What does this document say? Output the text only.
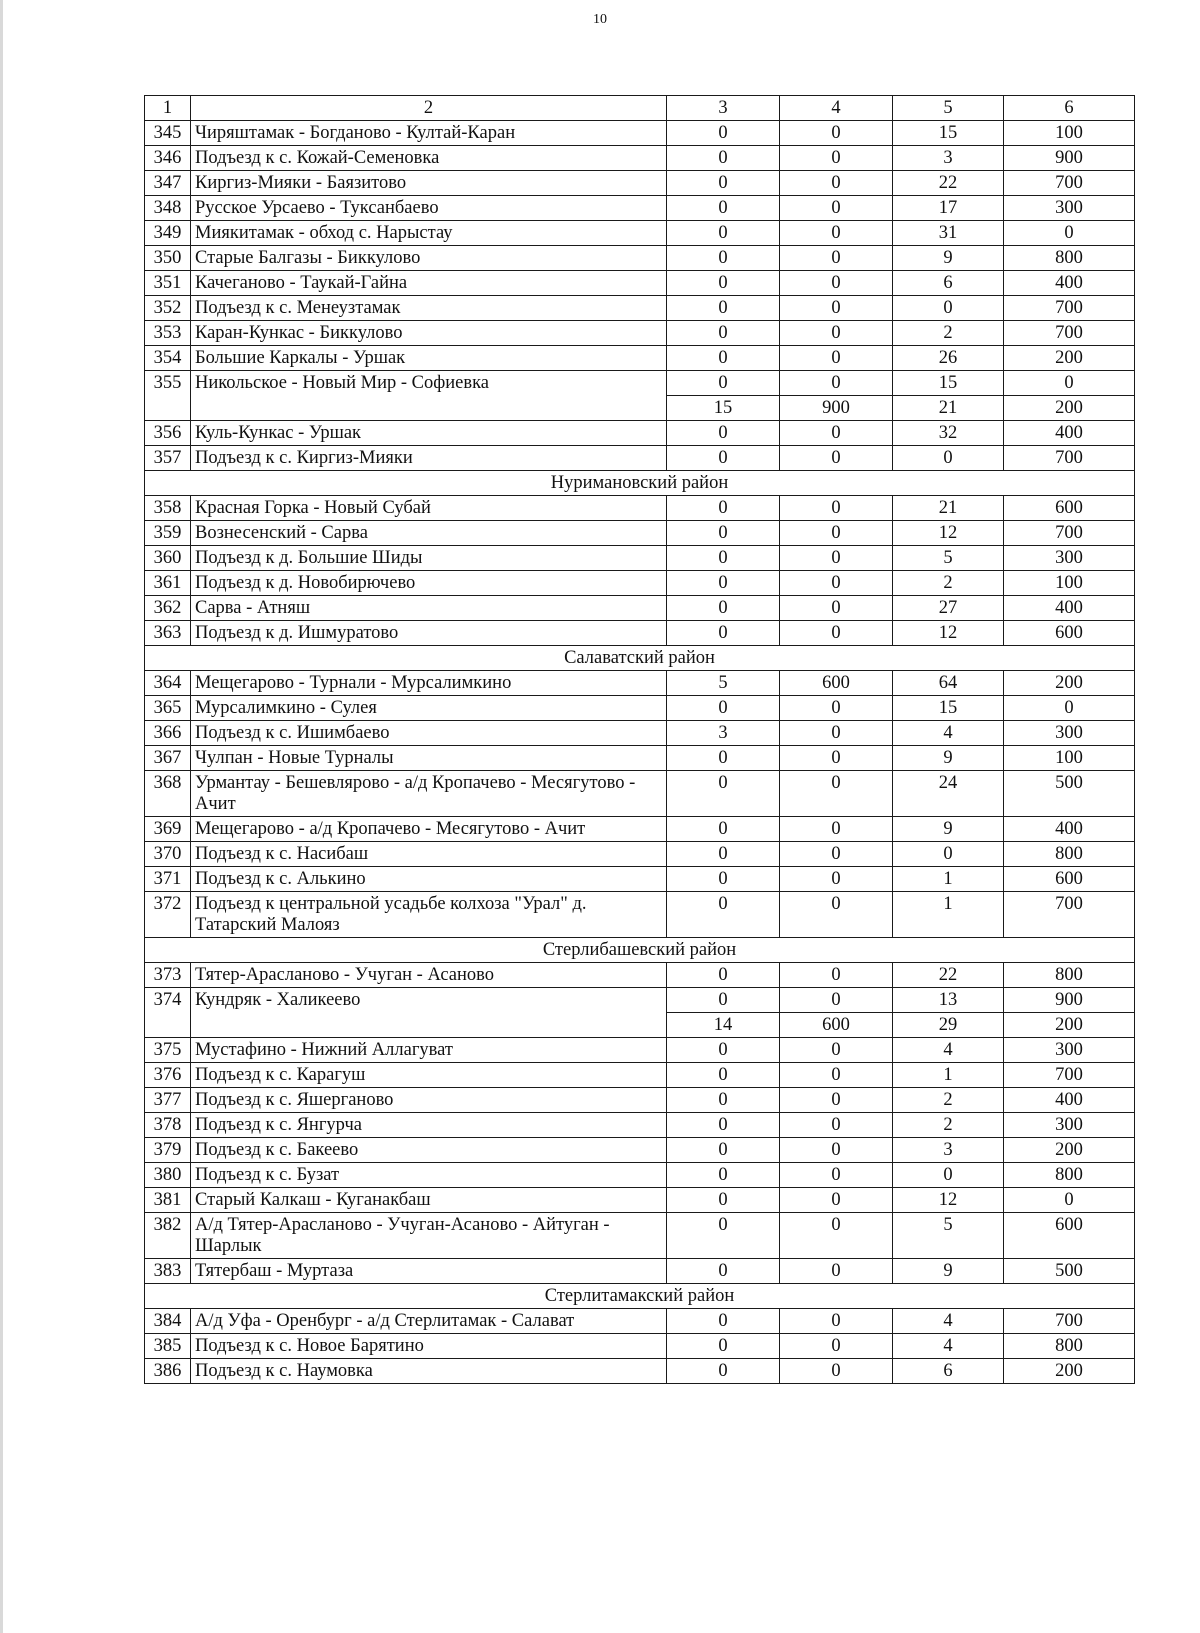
10
1	2	3	4	5	6
345	Чиряштамак - Богданово - Култай-Каран	0	0	15	100
346	Подъезд к с. Кожай-Семеновка	0	0	3	900
347	Киргиз-Мияки - Баязитово	0	0	22	700
348	Русское Урсаево - Туксанбаево	0	0	17	300
349	Миякитамак - обход с. Нарыстау	0	0	31	0
350	Старые Балгазы - Биккулово	0	0	9	800
351	Качеганово - Таукай-Гайна	0	0	6	400
352	Подъезд к с. Менеузтамак	0	0	0	700
353	Каран-Кункас - Биккулово	0	0	2	700
354	Большие Каркалы - Уршак	0	0	26	200
355	Никольское - Новый Мир - Софиевка	0	0	15	0
		15	900	21	200
356	Куль-Кункас - Уршак	0	0	32	400
357	Подъезд к с. Киргиз-Мияки	0	0	0	700
Нуримановский район					
358	Красная Горка - Новый Субай	0	0	21	600
359	Вознесенский - Сарва	0	0	12	700
360	Подъезд к д. Большие Шиды	0	0	5	300
361	Подъезд к д. Новобирючево	0	0	2	100
362	Сарва - Атняш	0	0	27	400
363	Подъезд к д. Ишмуратово	0	0	12	600
Салаватский район					
364	Мещегарово - Турнали - Мурсалимкино	5	600	64	200
365	Мурсалимкино - Сулея	0	0	15	0
366	Подъезд к с. Ишимбаево	3	0	4	300
367	Чулпан - Новые Турналы	0	0	9	100
368	Урмантау - Бешевлярово - а/д Кропачево - Месягутово - Ачит	0	0	24	500
369	Мещегарово - а/д Кропачево - Месягутово - Ачит	0	0	9	400
370	Подъезд к с. Насибаш	0	0	0	800
371	Подъезд к с. Алькино	0	0	1	600
372	Подъезд к центральной усадьбе колхоза "Урал" д. Татарский Малояз	0	0	1	700
Стерлибашевский район					
373	Тятер-Арасланово - Учуган - Асаново	0	0	22	800
374	Кундряк - Халикеево	0	0	13	900
		14	600	29	200
375	Мустафино - Нижний Аллагуват	0	0	4	300
376	Подъезд к с. Карагуш	0	0	1	700
377	Подъезд к с. Яшерганово	0	0	2	400
378	Подъезд к с. Янгурча	0	0	2	300
379	Подъезд к с. Бакеево	0	0	3	200
380	Подъезд к с. Бузат	0	0	0	800
381	Старый Калкаш - Куганакбаш	0	0	12	0
382	А/д Тятер-Арасланово - Учуган-Асаново - Айтуган - Шарлык	0	0	5	600
383	Тятербаш - Муртаза	0	0	9	500
Стерлитамакский район					
384	А/д Уфа - Оренбург - а/д Стерлитамак - Салават	0	0	4	700
385	Подъезд к с. Новое Барятино	0	0	4	800
386	Подъезд к с. Наумовка	0	0	6	200
